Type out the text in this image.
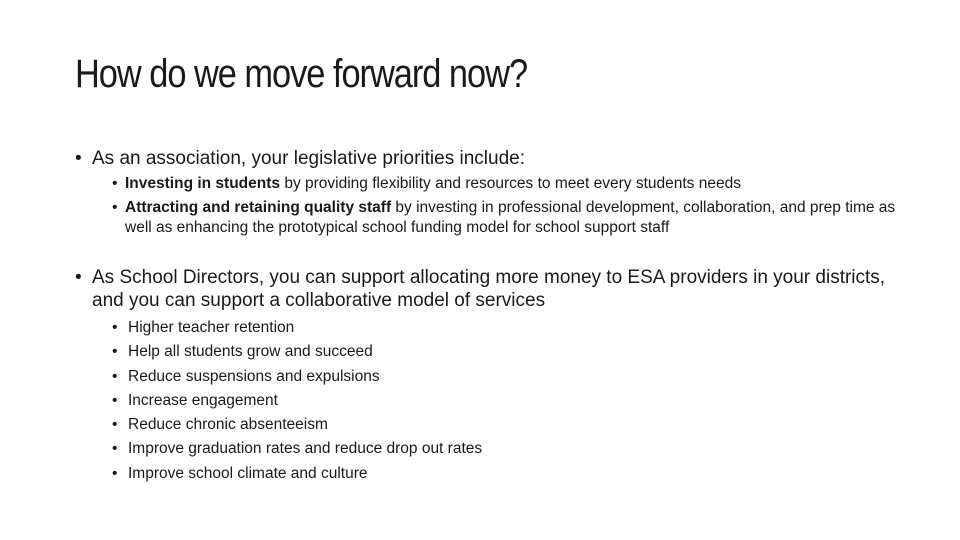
How do we move forward now?
• As an association, your legislative priorities include:
• Investing in students by providing flexibility and resources to meet every students needs
• Attracting and retaining quality staff by investing in professional development, collaboration, and prep time as well as enhancing the prototypical school funding model for school support staff
• As School Directors, you can support allocating more money to ESA providers in your districts, and you can support a collaborative model of services
• Higher teacher retention
• Help all students grow and succeed
• Reduce suspensions and expulsions
• Increase engagement
• Reduce chronic absenteeism
• Improve graduation rates and reduce drop out rates
• Improve school climate and culture
